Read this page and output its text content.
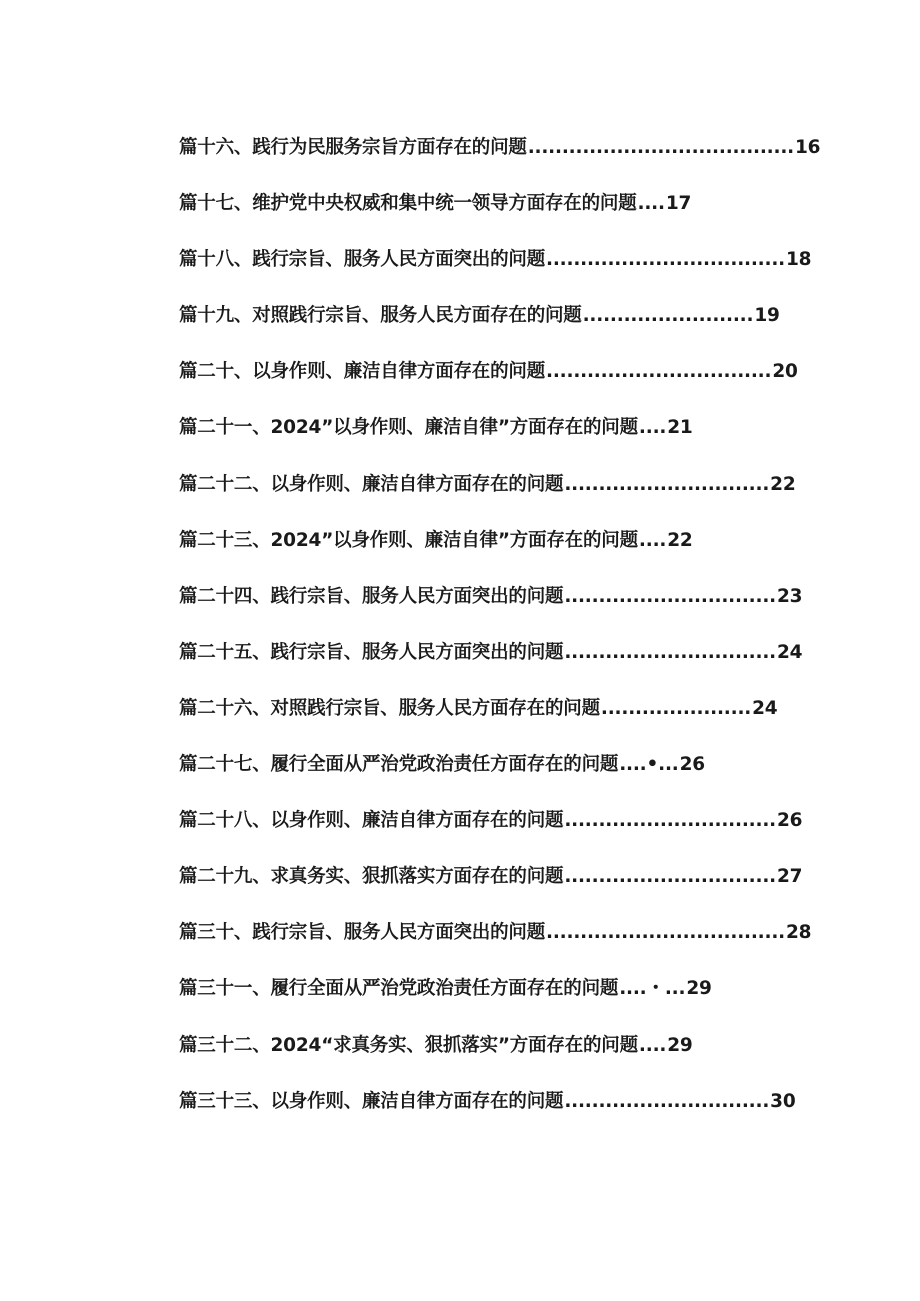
篇十六、践行为民服务宗旨方面存在的问题 ....................................... 16
篇十七、维护党中央权威和集中统一领导方面存在的问题 .... 17
篇十八、践行宗旨、服务人民方面突出的问题 ................................... 18
篇十九、对照践行宗旨、服务人民方面存在的问题 ......................... 19
篇二十、以身作则、廉洁自律方面存在的问题 ................................. 20
篇二十一、2024”以身作则、廉洁自律”方面存在的问题 .... 21
篇二十二、以身作则、廉洁自律方面存在的问题 .............................. 22
篇二十三、2024”以身作则、廉洁自律”方面存在的问题 .... 22
篇二十四、践行宗旨、服务人民方面突出的问题 ............................... 23
篇二十五、践行宗旨、服务人民方面突出的问题 ............................... 24
篇二十六、对照践行宗旨、服务人民方面存在的问题 ...................... 24
篇二十七、履行全面从严治党政治责任方面存在的问题 ....•... 26
篇二十八、以身作则、廉洁自律方面存在的问题 ............................... 26
篇二十九、求真务实、狠抓落实方面存在的问题 ............................... 27
篇三十、践行宗旨、服务人民方面突出的问题 ................................... 28
篇三十一、履行全面从严治党政治责任方面存在的问题 ....・... 29
篇三十二、2024“求真务实、狠抓落实”方面存在的问题 .... 29
篇三十三、以身作则、廉洁自律方面存在的问题 .............................. 30
